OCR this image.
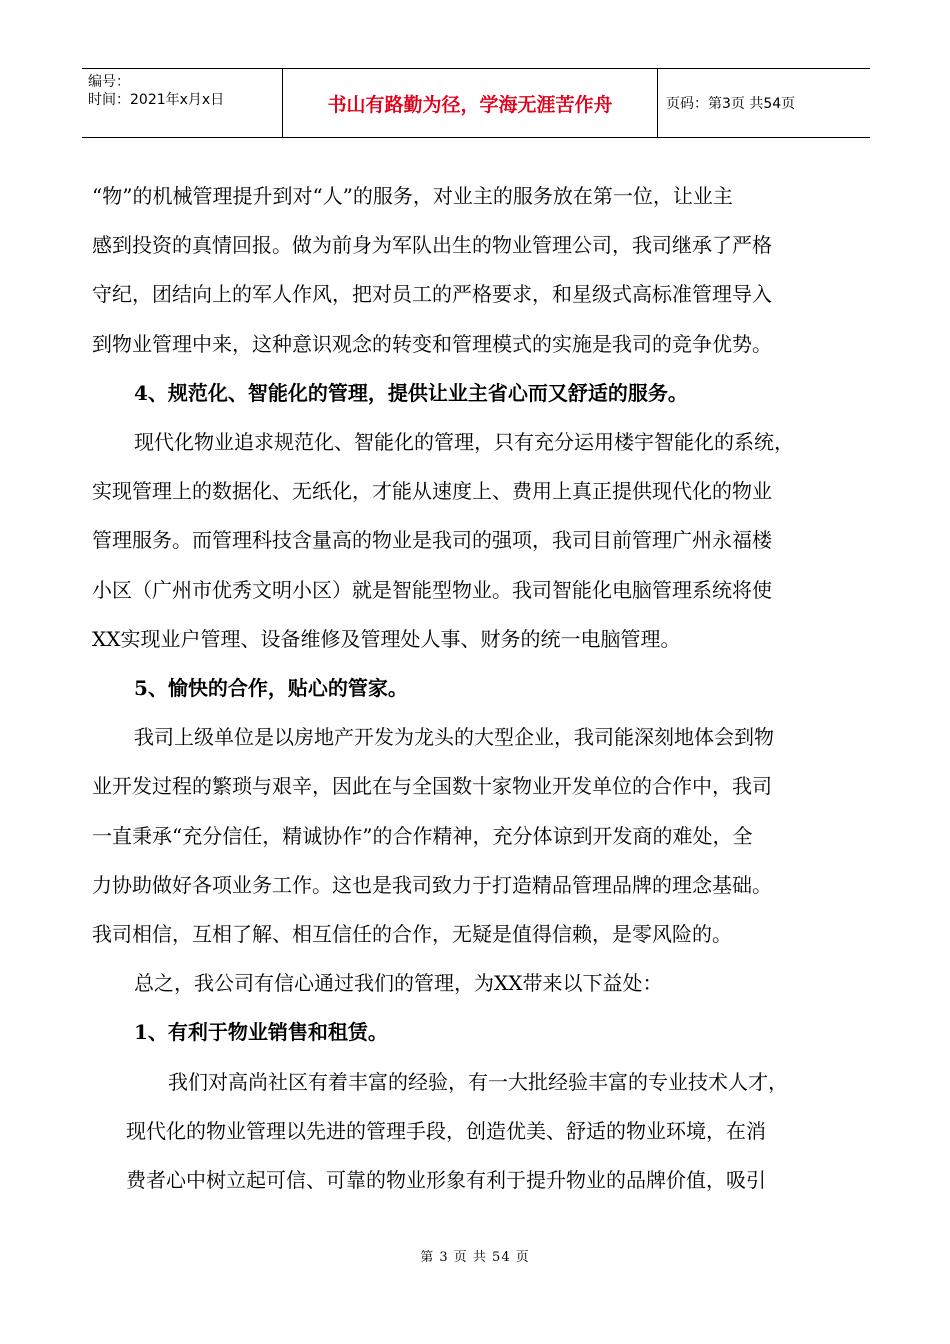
编号：
时间：2021年x月x日	书山有路勤为径，学海无涯苦作舟	页码：第3页 共54页

“物”的机械管理提升到对“人”的服务，对业主的服务放在第一位，让业主

感到投资的真情回报。做为前身为军队出生的物业管理公司，我司继承了严格

守纪，团结向上的军人作风，把对员工的严格要求，和星级式高标准管理导入

到物业管理中来，这种意识观念的转变和管理模式的实施是我司的竞争优势。

4、规范化、智能化的管理，提供让业主省心而又舒适的服务。

现代化物业追求规范化、智能化的管理，只有充分运用楼宇智能化的系统，

实现管理上的数据化、无纸化，才能从速度上、费用上真正提供现代化的物业

管理服务。而管理科技含量高的物业是我司的强项，我司目前管理广州永福楼

小区（广州市优秀文明小区）就是智能型物业。我司智能化电脑管理系统将使

XX实现业户管理、设备维修及管理处人事、财务的统一电脑管理。

5、愉快的合作，贴心的管家。

我司上级单位是以房地产开发为龙头的大型企业，我司能深刻地体会到物

业开发过程的繁琐与艰辛，因此在与全国数十家物业开发单位的合作中，我司

一直秉承“充分信任，精诚协作”的合作精神，充分体谅到开发商的难处，全

力协助做好各项业务工作。这也是我司致力于打造精品管理品牌的理念基础。

我司相信，互相了解、相互信任的合作，无疑是值得信赖，是零风险的。

总之，我公司有信心通过我们的管理，为XX带来以下益处：

1、有利于物业销售和租赁。

我们对高尚社区有着丰富的经验，有一大批经验丰富的专业技术人才，

现代化的物业管理以先进的管理手段，创造优美、舒适的物业环境，在消

费者心中树立起可信、可靠的物业形象有利于提升物业的品牌价值，吸引

第 3 页 共 54 页
